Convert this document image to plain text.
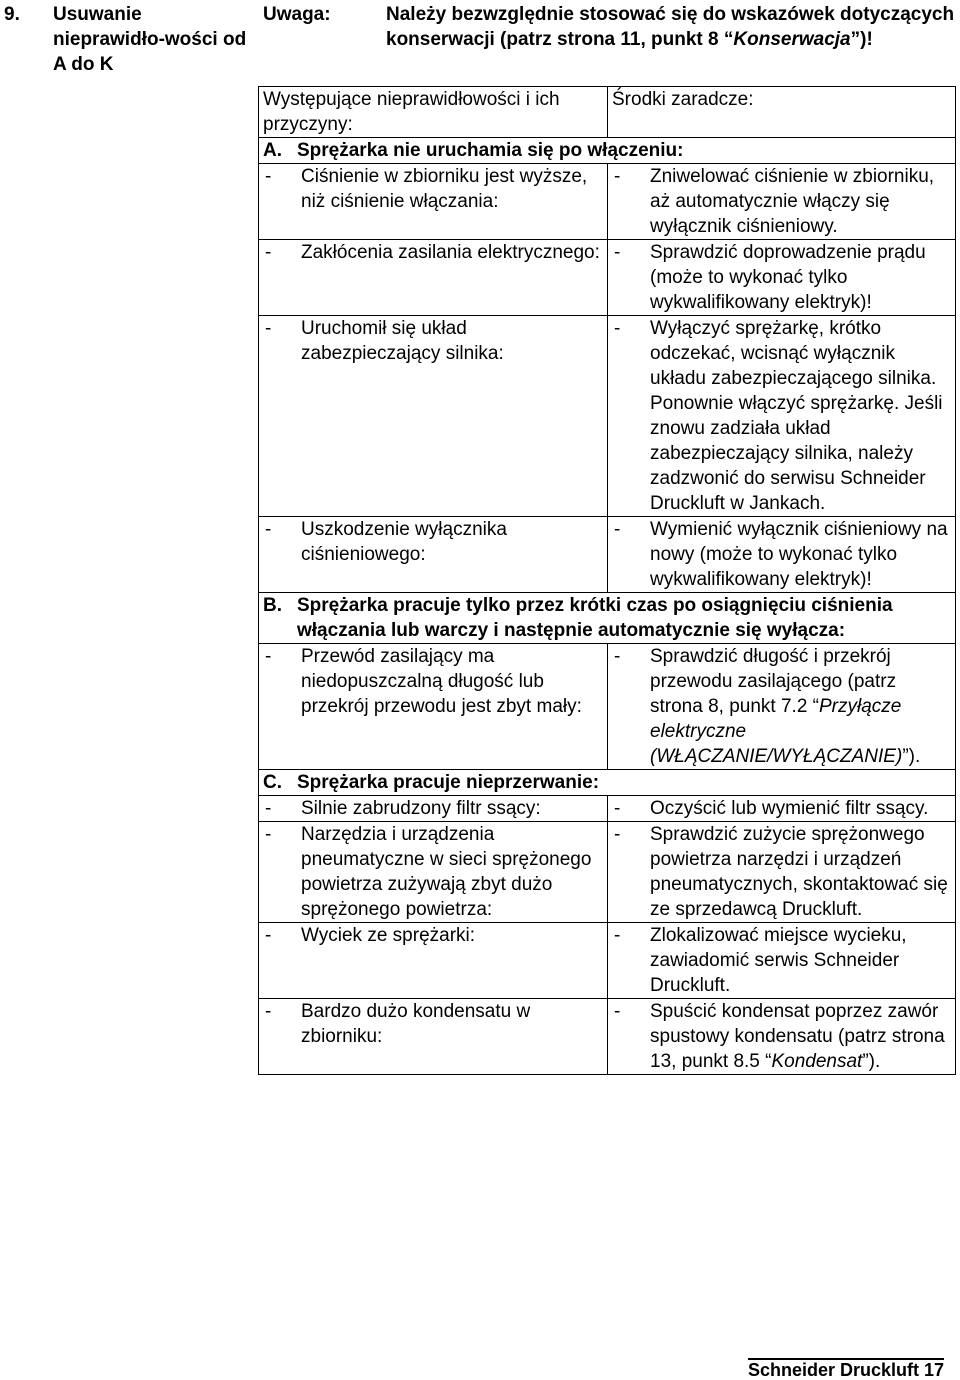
9. Usuwanie nieprawidło-wości od A do K
Uwaga:	Należy bezwzględnie stosować się do wskazówek dotyczących konserwacji (patrz strona 11, punkt 8 “Konserwacja”)!
Występujące nieprawidłowości i ich przyczyny:	Środki zaradcze:

A. Sprężarka nie uruchamia się po włączeniu:	

- Ciśnienie w zbiorniku jest wyższe, niż ciśnienie włączania:	- Zniwelować ciśnienie w zbiorniku, aż automatycznie włączy się wyłącznik ciśnieniowy.

- Zakłócenia zasilania elektrycznego:	- Sprawdzić doprowadzenie prądu (może to wykonać tylko wykwalifikowany elektryk)!

- Uruchomił się układ zabezpieczający silnika:	- Wyłączyć sprężarkę, krótko odczekać, wcisnąć wyłącznik układu zabezpieczającego silnika. Ponownie włączyć sprężarkę. Jeśli znowu zadziała układ zabezpieczający silnika, należy zadzwonić do serwisu Schneider Druckluft w Jankach.

- Uszkodzenie wyłącznika ciśnieniowego:	- Wymienić wyłącznik ciśnieniowy na nowy (może to wykonać tylko wykwalifikowany elektryk)!

B. Sprężarka pracuje tylko przez krótki czas po osiągnięciu ciśnienia włączania lub warczy i następnie automatycznie się wyłącza:	

- Przewód zasilający ma niedopuszczalną długość lub przekrój przewodu jest zbyt mały:	- Sprawdzić długość i przekrój przewodu zasilającego (patrz strona 8, punkt 7.2 “Przyłącze elektryczne (WŁĄCZANIE/WYŁĄCZANIE)”).

C. Sprężarka pracuje nieprzerwanie:	

- Silnie zabrudzony filtr ssący:	- Oczyścić lub wymienić filtr ssący.

- Narzędzia i urządzenia pneumatyczne w sieci sprężonego powietrza zużywają zbyt dużo sprężonego powietrza:	- Sprawdzić zużycie sprężonwego powietrza narzędzi i urządzeń pneumatycznych, skontaktować się ze sprzedawcą Druckluft.

- Wyciek ze sprężarki:	- Zlokalizować miejsce wycieku, zawiadomić serwis Schneider Druckluft.

- Bardzo dużo kondensatu w zbiorniku:	- Spuścić kondensat poprzez zawór spustowy kondensatu (patrz strona 13, punkt 8.5 “Kondensat”).
Schneider Druckluft 17
